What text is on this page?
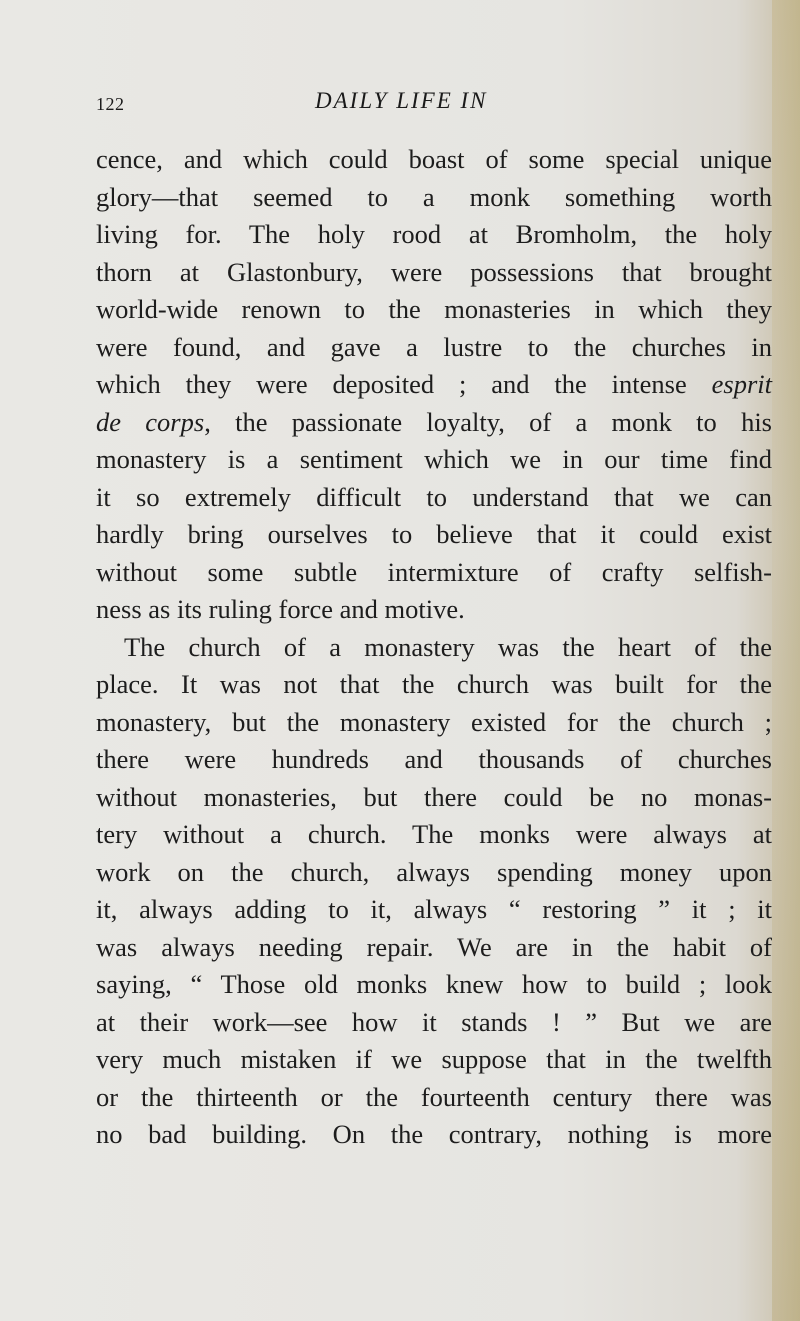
122	DAILY LIFE IN
cence, and which could boast of some special unique
glory—that seemed to a monk something worth
living for. The holy rood at Bromholm, the holy
thorn at Glastonbury, were possessions that brought
world-wide renown to the monasteries in which they
were found, and gave a lustre to the churches in
which they were deposited ; and the intense esprit
de corps, the passionate loyalty, of a monk to his
monastery is a sentiment which we in our time find
it so extremely difficult to understand that we can
hardly bring ourselves to believe that it could exist
without some subtle intermixture of crafty selfish-
ness as its ruling force and motive.
The church of a monastery was the heart of the
place. It was not that the church was built for the
monastery, but the monastery existed for the church ;
there were hundreds and thousands of churches
without monasteries, but there could be no monas-
tery without a church. The monks were always at
work on the church, always spending money upon
it, always adding to it, always “ restoring ” it ; it
was always needing repair. We are in the habit of
saying, “ Those old monks knew how to build ; look
at their work—see how it stands ! ” But we are
very much mistaken if we suppose that in the twelfth
or the thirteenth or the fourteenth century there was
no bad building. On the contrary, nothing is more
